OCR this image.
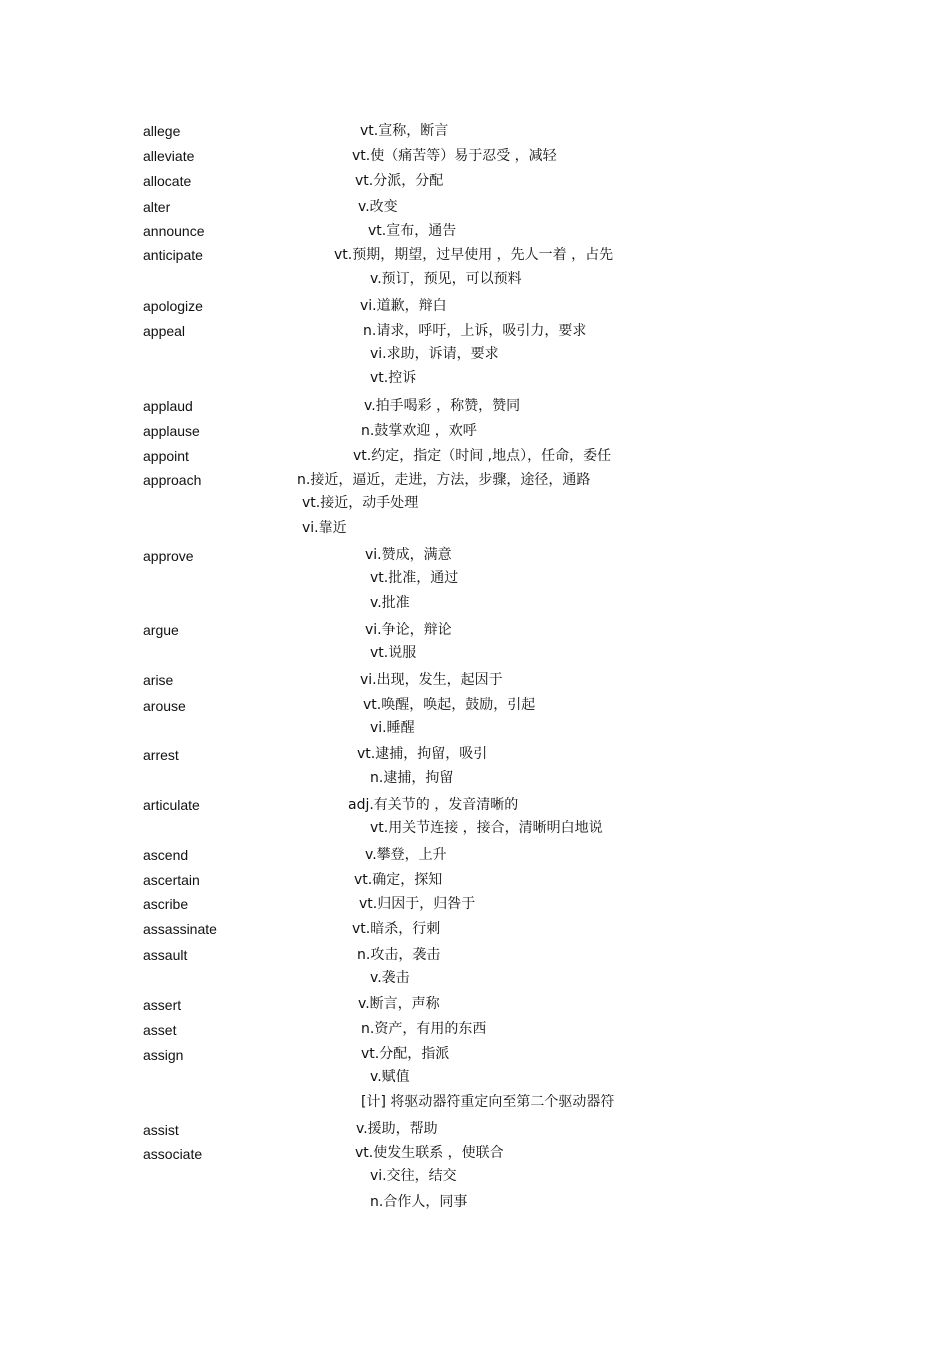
allege	vt.宣称，断言
alleviate	vt.使（痛苦等）易于忍受 ，减轻
allocate	vt.分派，分配
alter	v.改变
announce	vt.宣布，通告
anticipate	vt.预期，期望，过早使用 ，先人一着 ，占先
v.预订，预见，可以预料
apologize	vi.道歉，辩白
appeal	n.请求，呼吁，上诉，吸引力，要求
vi.求助，诉请，要求
vt.控诉
applaud	v.拍手喝彩 ，称赞，赞同
applause	n.鼓掌欢迎 ，欢呼
appoint	vt.约定，指定（时间 ,地点），任命，委任
approach	n.接近，逼近，走进，方法，步骤，途径，通路
vt.接近，动手处理
vi.靠近
approve	vi.赞成，满意
vt.批准，通过
v.批准
argue	vi.争论，辩论
vt.说服
arise	vi.出现，发生，起因于
arouse	vt.唤醒，唤起，鼓励，引起
vi.睡醒
arrest	vt.逮捕，拘留，吸引
n.逮捕，拘留
articulate	adj.有关节的 ，发音清晰的
vt.用关节连接 ，接合，清晰明白地说
ascend	v.攀登，上升
ascertain	vt.确定，探知
ascribe	vt.归因于，归咎于
assassinate	vt.暗杀，行刺
assault	n.攻击，袭击
v.袭击
assert	v.断言，声称
asset	n.资产，有用的东西
assign	vt.分配，指派
v.赋值
[计] 将驱动器符重定向至第二个驱动器符
assist	v.援助，帮助
associate	vt.使发生联系 ，使联合
vi.交往，结交
n.合作人，同事
